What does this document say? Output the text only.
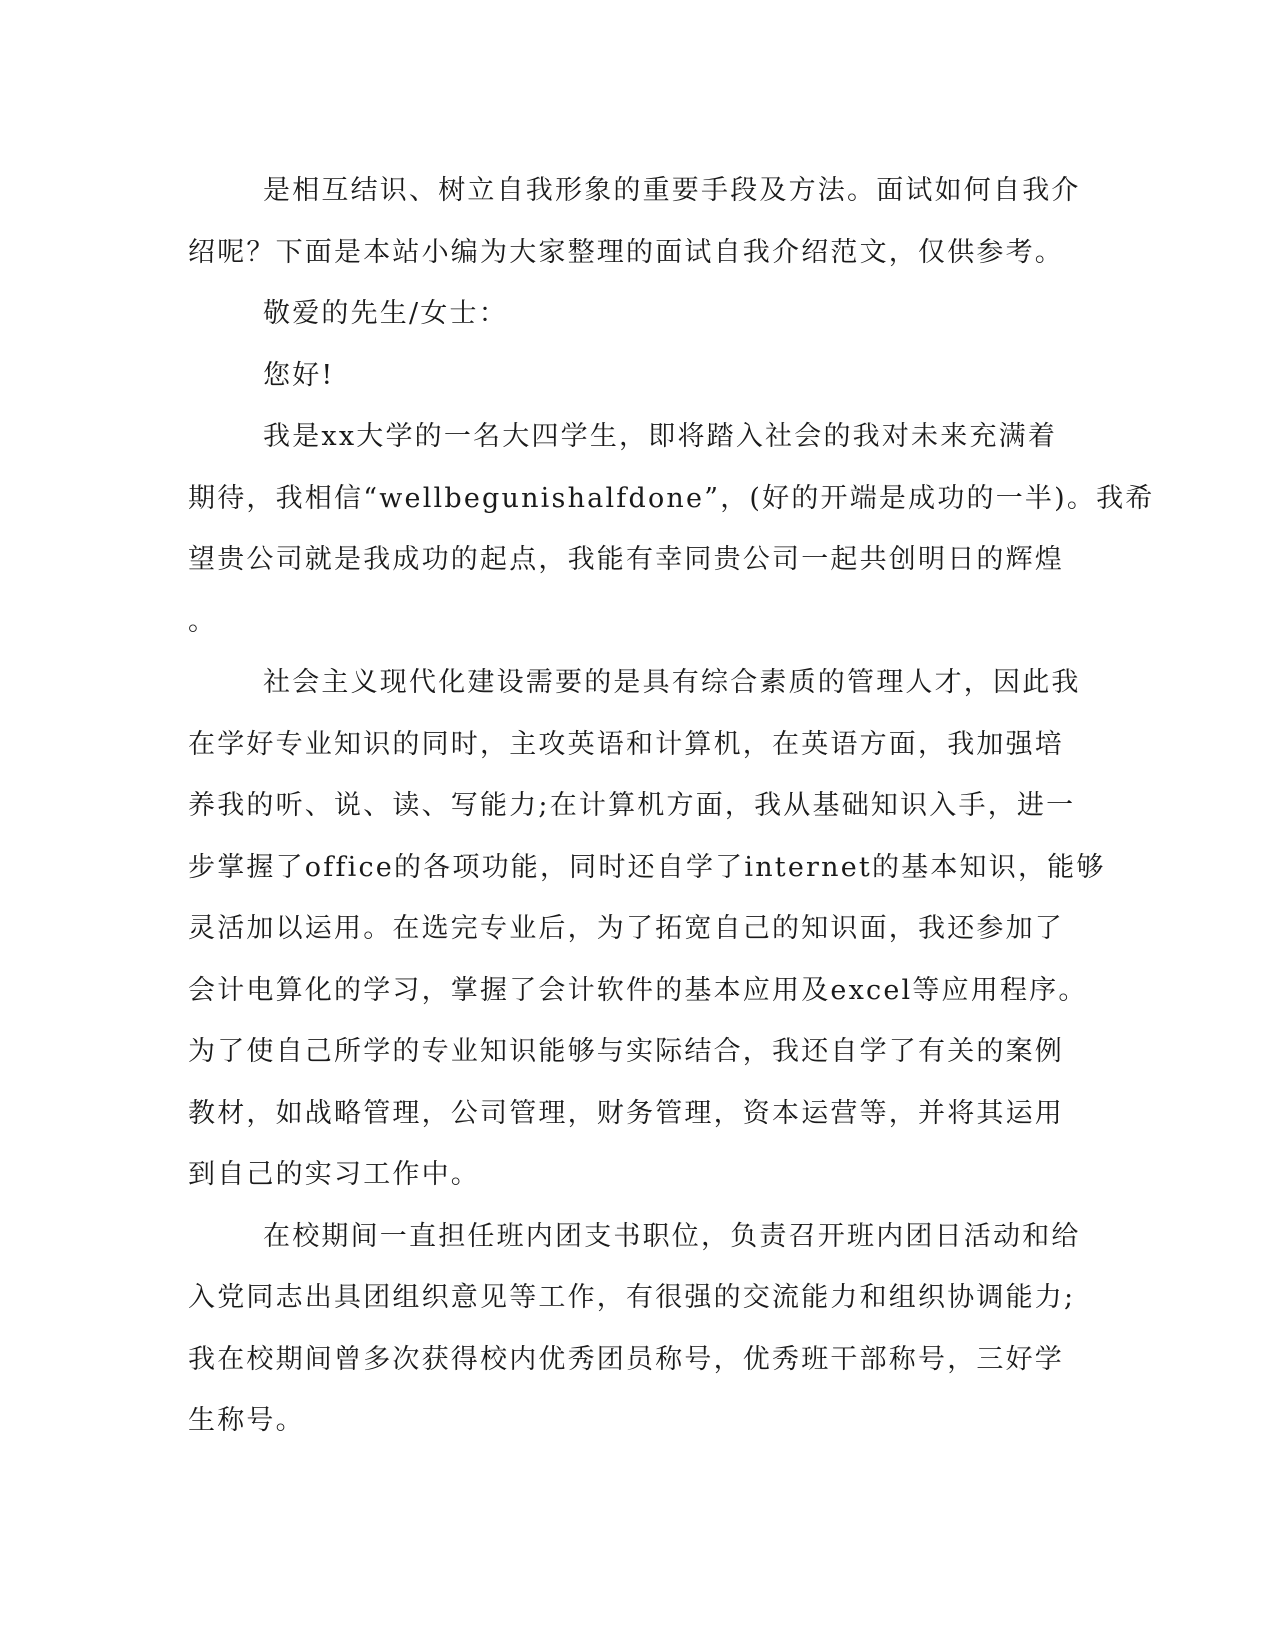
是相互结识、树立自我形象的重要手段及方法。面试如何自我介
绍呢？下面是本站小编为大家整理的面试自我介绍范文，仅供参考。
敬爱的先生/女士：
您好!
我是xx大学的一名大四学生，即将踏入社会的我对未来充满着
期待，我相信“wellbegunishalfdone”，(好的开端是成功的一半)。我希
望贵公司就是我成功的起点，我能有幸同贵公司一起共创明日的辉煌
。
社会主义现代化建设需要的是具有综合素质的管理人才，因此我
在学好专业知识的同时，主攻英语和计算机，在英语方面，我加强培
养我的听、说、读、写能力;在计算机方面，我从基础知识入手，进一
步掌握了office的各项功能，同时还自学了internet的基本知识，能够
灵活加以运用。在选完专业后，为了拓宽自己的知识面，我还参加了
会计电算化的学习，掌握了会计软件的基本应用及excel等应用程序。
为了使自己所学的专业知识能够与实际结合，我还自学了有关的案例
教材，如战略管理，公司管理，财务管理，资本运营等，并将其运用
到自己的实习工作中。
在校期间一直担任班内团支书职位，负责召开班内团日活动和给
入党同志出具团组织意见等工作，有很强的交流能力和组织协调能力;
我在校期间曾多次获得校内优秀团员称号，优秀班干部称号，三好学
生称号。
